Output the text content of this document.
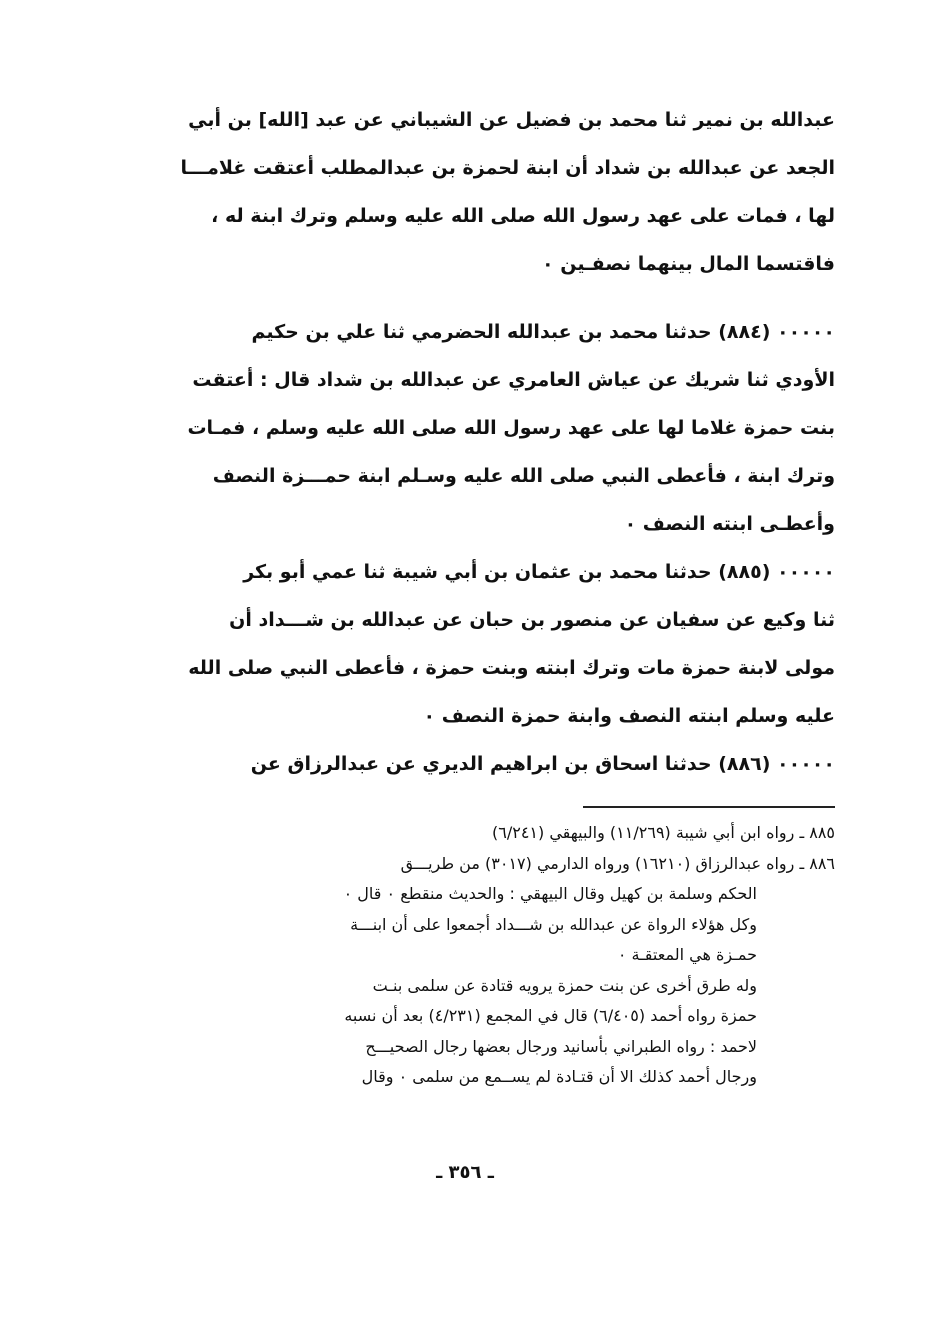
عبدالله بن نمير ثنا محمد بن فضيل عن الشيباني عن عبد [الله] بن أبي
الجعد عن عبدالله بن شداد أن ابنة لحمزة بن عبدالمطلب أعتقت غلامـــا
لها ، فمات على عهد رسول الله صلى الله عليه وسلم وترك ابنة له ،
فاقتسما المال بينهما نصفـين ٠
٠٠٠٠٠ (٨٨٤) حدثنا محمد بن عبدالله الحضرمي ثنا علي بن حكيم
الأودي ثنا شريك عن عياش العامري عن عبدالله بن شداد قال : أعتقت
بنت حمزة غلاما لها على عهد رسول الله صلى الله عليه وسلم ، فمـات
وترك ابنة ، فأعطى النبي صلى الله عليه وسـلم ابنة حمـــزة النصف
وأعطـى ابنته النصف ٠
٠٠٠٠٠ (٨٨٥) حدثنا محمد بن عثمان بن أبي شيبة ثنا عمي أبو بكر
ثنا وكيع عن سفيان عن منصور بن حبان عن عبدالله بن شـــداد أن
مولى لابنة حمزة مات وترك ابنته وبنت حمزة ، فأعطى النبي صلى الله
عليه وسلم ابنته النصف وابنة حمزة النصف ٠
٠٠٠٠٠ (٨٨٦) حدثنا اسحاق بن ابراهيم الديري عن عبدالرزاق عن
٨٨٥ ـ رواه ابن أبي شيبة (١١/٢٦٩) والبيهقي (٦/٢٤١)
٨٨٦ ـ رواه عبدالرزاق (١٦٢١٠) ورواه الدارمي (٣٠١٧) من طريـــق
الحكم وسلمة بن كهيل وقال البيهقي : والحديث منقطع ٠ قال ٠
وكل هؤلاء الرواة عن عبدالله بن شـــداد أجمعوا على أن ابنـــة
حمـزة هي المعتقـة ٠
وله طرق أخرى عن بنت حمزة يرويه قتادة عن سلمى بنـت
حمزة رواه أحمد (٦/٤٠٥) قال في المجمع (٤/٢٣١) بعد أن نسبه
لاحمد : رواه الطبراني بأسانيد ورجال بعضها رجال الصحيـــح
ورجال أحمد كذلك الا أن قتـادة لم يســمع من سلمى ٠ وقال
ـ ٣٥٦ ـ
